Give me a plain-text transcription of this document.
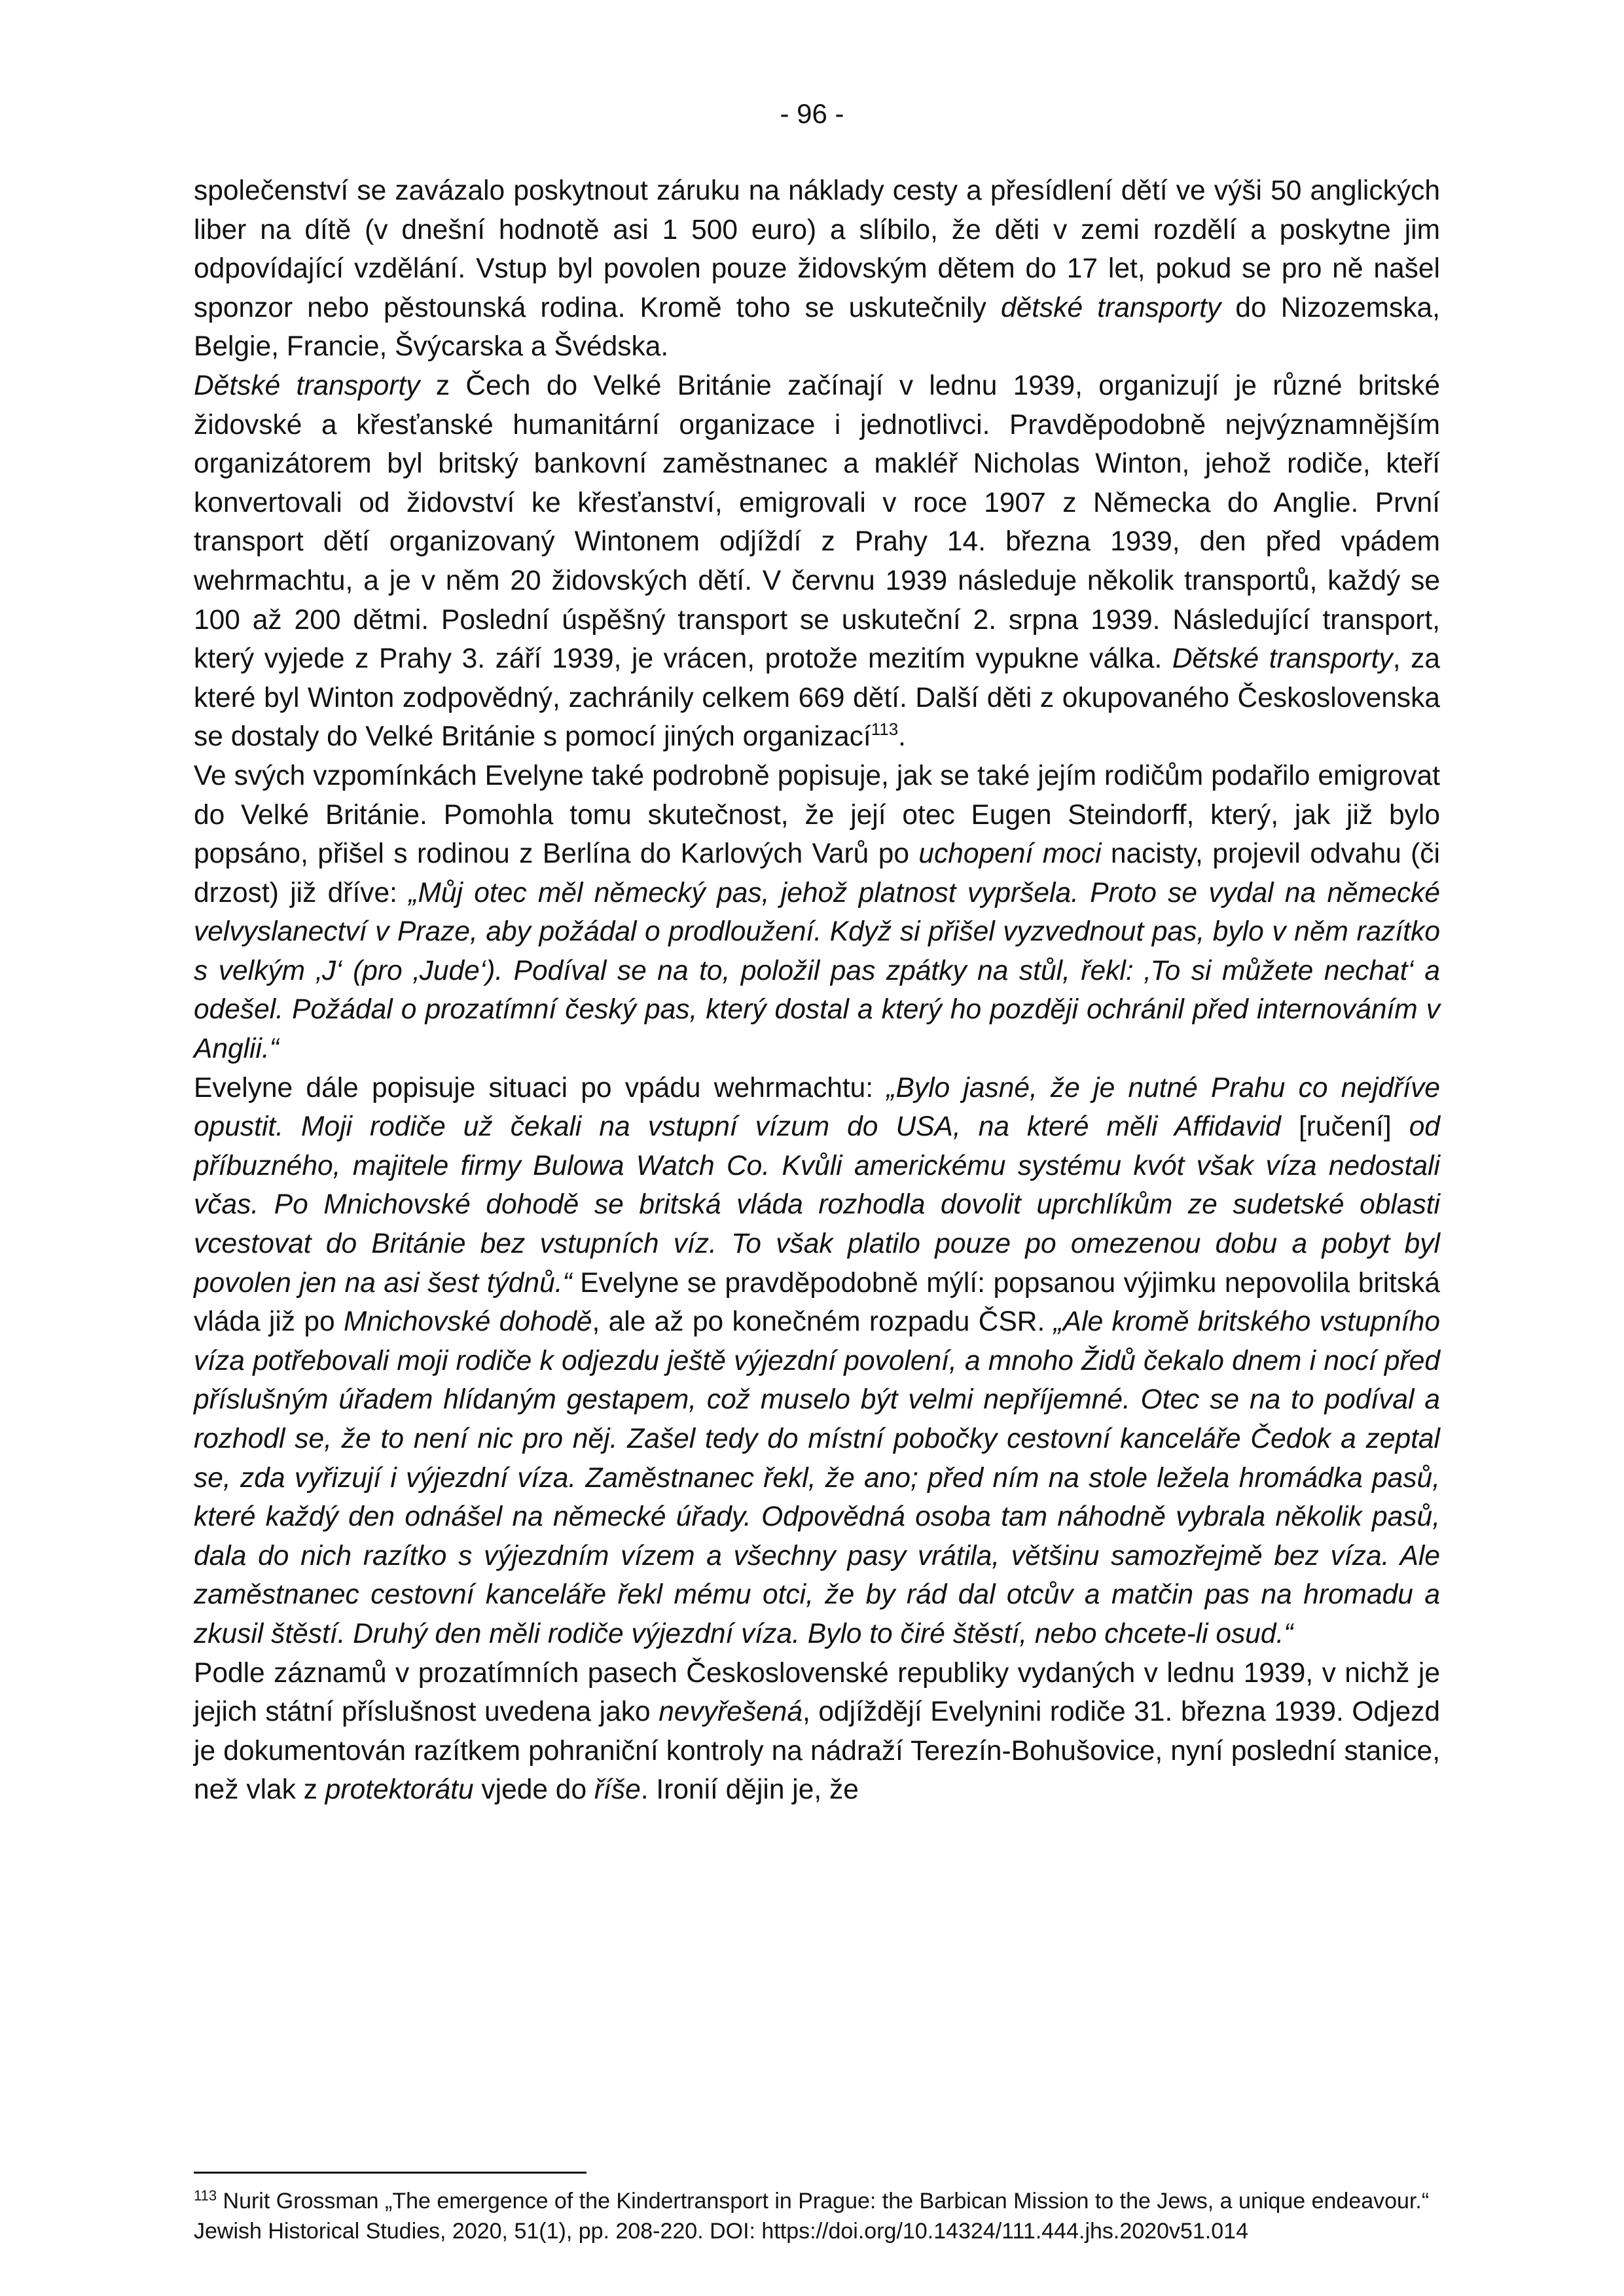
- 96 -

společenství se zavázalo poskytnout záruku na náklady cesty a přesídlení dětí ve výši 50 anglických liber na dítě (v dnešní hodnotě asi 1 500 euro) a slíbilo, že děti v zemi rozdělí a poskytne jim odpovídající vzdělání. Vstup byl povolen pouze židovským dětem do 17 let, pokud se pro ně našel sponzor nebo pěstounská rodina. Kromě toho se uskutečnily dětské transporty do Nizozemska, Belgie, Francie, Švýcarska a Švédska.

Dětské transporty z Čech do Velké Británie začínají v lednu 1939, organizují je různé britské židovské a křesťanské humanitární organizace i jednotlivci. Pravděpodobně nejvýznamnějším organizátorem byl britský bankovní zaměstnanec a makléř Nicholas Winton, jehož rodiče, kteří konvertovali od židovství ke křesťanství, emigrovali v roce 1907 z Německa do Anglie. První transport dětí organizovaný Wintonem odjíždí z Prahy 14. března 1939, den před vpádem wehrmachtu, a je v něm 20 židovských dětí. V červnu 1939 následuje několik transportů, každý se 100 až 200 dětmi. Poslední úspěšný transport se uskuteční 2. srpna 1939. Následující transport, který vyjede z Prahy 3. září 1939, je vrácen, protože mezitím vypukne válka. Dětské transporty, za které byl Winton zodpovědný, zachránily celkem 669 dětí. Další děti z okupovaného Československa se dostaly do Velké Británie s pomocí jiných organizací$^{113}$.

Ve svých vzpomínkách Evelyne také podrobně popisuje, jak se také jejím rodičům podařilo emigrovat do Velké Británie. Pomohla tomu skutečnost, že její otec Eugen Steindorff, který, jak již bylo popsáno, přišel s rodinou z Berlína do Karlových Varů po uchopení moci nacisty, projevil odvahu (či drzost) již dříve: „Můj otec měl německý pas, jehož platnost vypršela. Proto se vydal na německé velvyslanectví v Praze, aby požádal o prodloužení. Když si přišel vyzvednout pas, bylo v něm razítko s velkým ‚J‘ (pro ‚Jude‘). Podíval se na to, položil pas zpátky na stůl, řekl: ‚To si můžete nechat‘ a odešel. Požádal o prozatímní český pas, který dostal a který ho později ochránil před internováním v Anglii.“

Evelyne dále popisuje situaci po vpádu wehrmachtu: „Bylo jasné, že je nutné Prahu co nejdříve opustit. Moji rodiče už čekali na vstupní vízum do USA, na které měli Affidavid [ručení] od příbuzného, majitele firmy Bulowa Watch Co. Kvůli americkému systému kvót však víza nedostali včas. Po Mnichovské dohodě se britská vláda rozhodla dovolit uprchlíkům ze sudetské oblasti vcestovat do Británie bez vstupních víz. To však platilo pouze po omezenou dobu a pobyt byl povolen jen na asi šest týdnů.“ Evelyne se pravděpodobně mýlí: popsanou výjimku nepovolila britská vláda již po Mnichovské dohodě, ale až po konečném rozpadu ČSR. „Ale kromě britského vstupního víza potřebovali moji rodiče k odjezdu ještě výjezdní povolení, a mnoho Židů čekalo dnem i nocí před příslušným úřadem hlídaným gestapem, což muselo být velmi nepříjemné. Otec se na to podíval a rozhodl se, že to není nic pro něj. Zašel tedy do místní pobočky cestovní kanceláře Čedok a zeptal se, zda vyřizují i výjezdní víza. Zaměstnanec řekl, že ano; před ním na stole ležela hromádka pasů, které každý den odnášel na německé úřady. Odpovědná osoba tam náhodně vybrala několik pasů, dala do nich razítko s výjezdním vízem a všechny pasy vrátila, většinu samozřejmě bez víza. Ale zaměstnanec cestovní kanceláře řekl mému otci, že by rád dal otcův a matčin pas na hromadu a zkusil štěstí. Druhý den měli rodiče výjezdní víza. Bylo to čiré štěstí, nebo chcete-li osud.“

Podle záznamů v prozatímních pasech Československé republiky vydaných v lednu 1939, v nichž je jejich státní příslušnost uvedena jako nevyřešená, odjíždějí Evelynini rodiče 31. března 1939. Odjezd je dokumentován razítkem pohraniční kontroly na nádraží Terezín-Bohušovice, nyní poslední stanice, než vlak z protektorátu vjede do říše. Ironií dějin je, že

$^{113}$ Nurit Grossman „The emergence of the Kindertransport in Prague: the Barbican Mission to the Jews, a unique endeavour.“ Jewish Historical Studies, 2020, 51(1), pp. 208-220. DOI: https://doi.org/10.14324/111.444.jhs.2020v51.014
